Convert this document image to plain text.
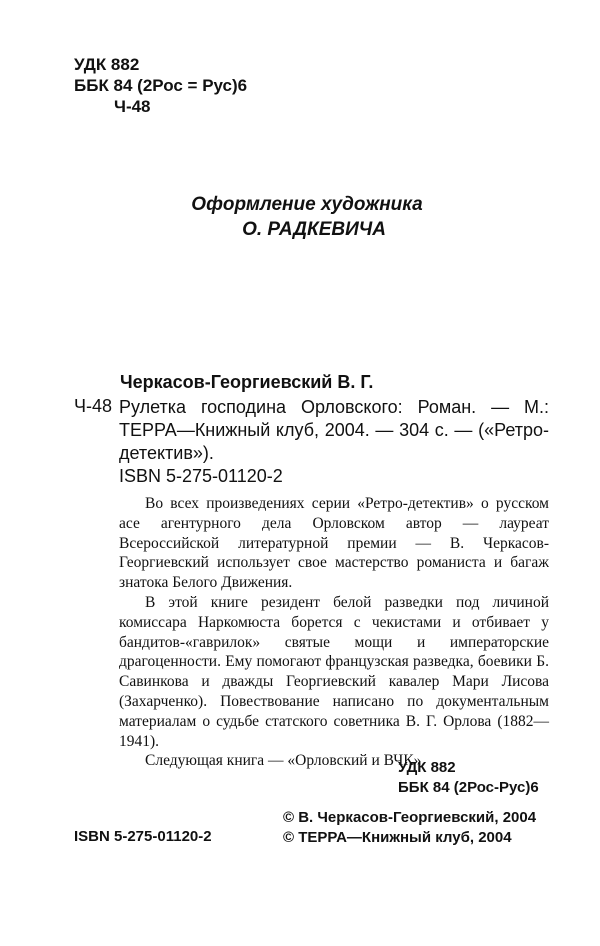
УДК 882
ББК 84 (2Рос = Рус)6
Ч-48
Оформление художника
О. РАДКЕВИЧА
Черкасов-Георгиевский В. Г.
Ч-48 Рулетка господина Орловского: Роман. — М.: ТЕРРА—Книжный клуб, 2004. — 304 с. — («Ретро-детектив»).
ISBN 5-275-01120-2

Во всех произведениях серии «Ретро-детектив» о русском асе агентурного дела Орловском автор — лауреат Всероссийской литературной премии — В. Черкасов-Георгиевский использует свое мастерство романиста и багаж знатока Белого Движения.

В этой книге резидент белой разведки под личиной комиссара Наркомюста борется с чекистами и отбивает у бандитов-«гаврилок» святые мощи и императорские драгоценности. Ему помогают французская разведка, боевики Б. Савинкова и дважды Георгиевский кавалер Мари Лисова (Захарченко). Повествование написано по документальным материалам о судьбе статского советника В. Г. Орлова (1882—1941).

Следующая книга — «Орловский и ВЧК».

УДК 882
ББК 84 (2Рос-Рус)6
ISBN 5-275-01120-2
© В. Черкасов-Георгиевский, 2004
© ТЕРРА—Книжный клуб, 2004
